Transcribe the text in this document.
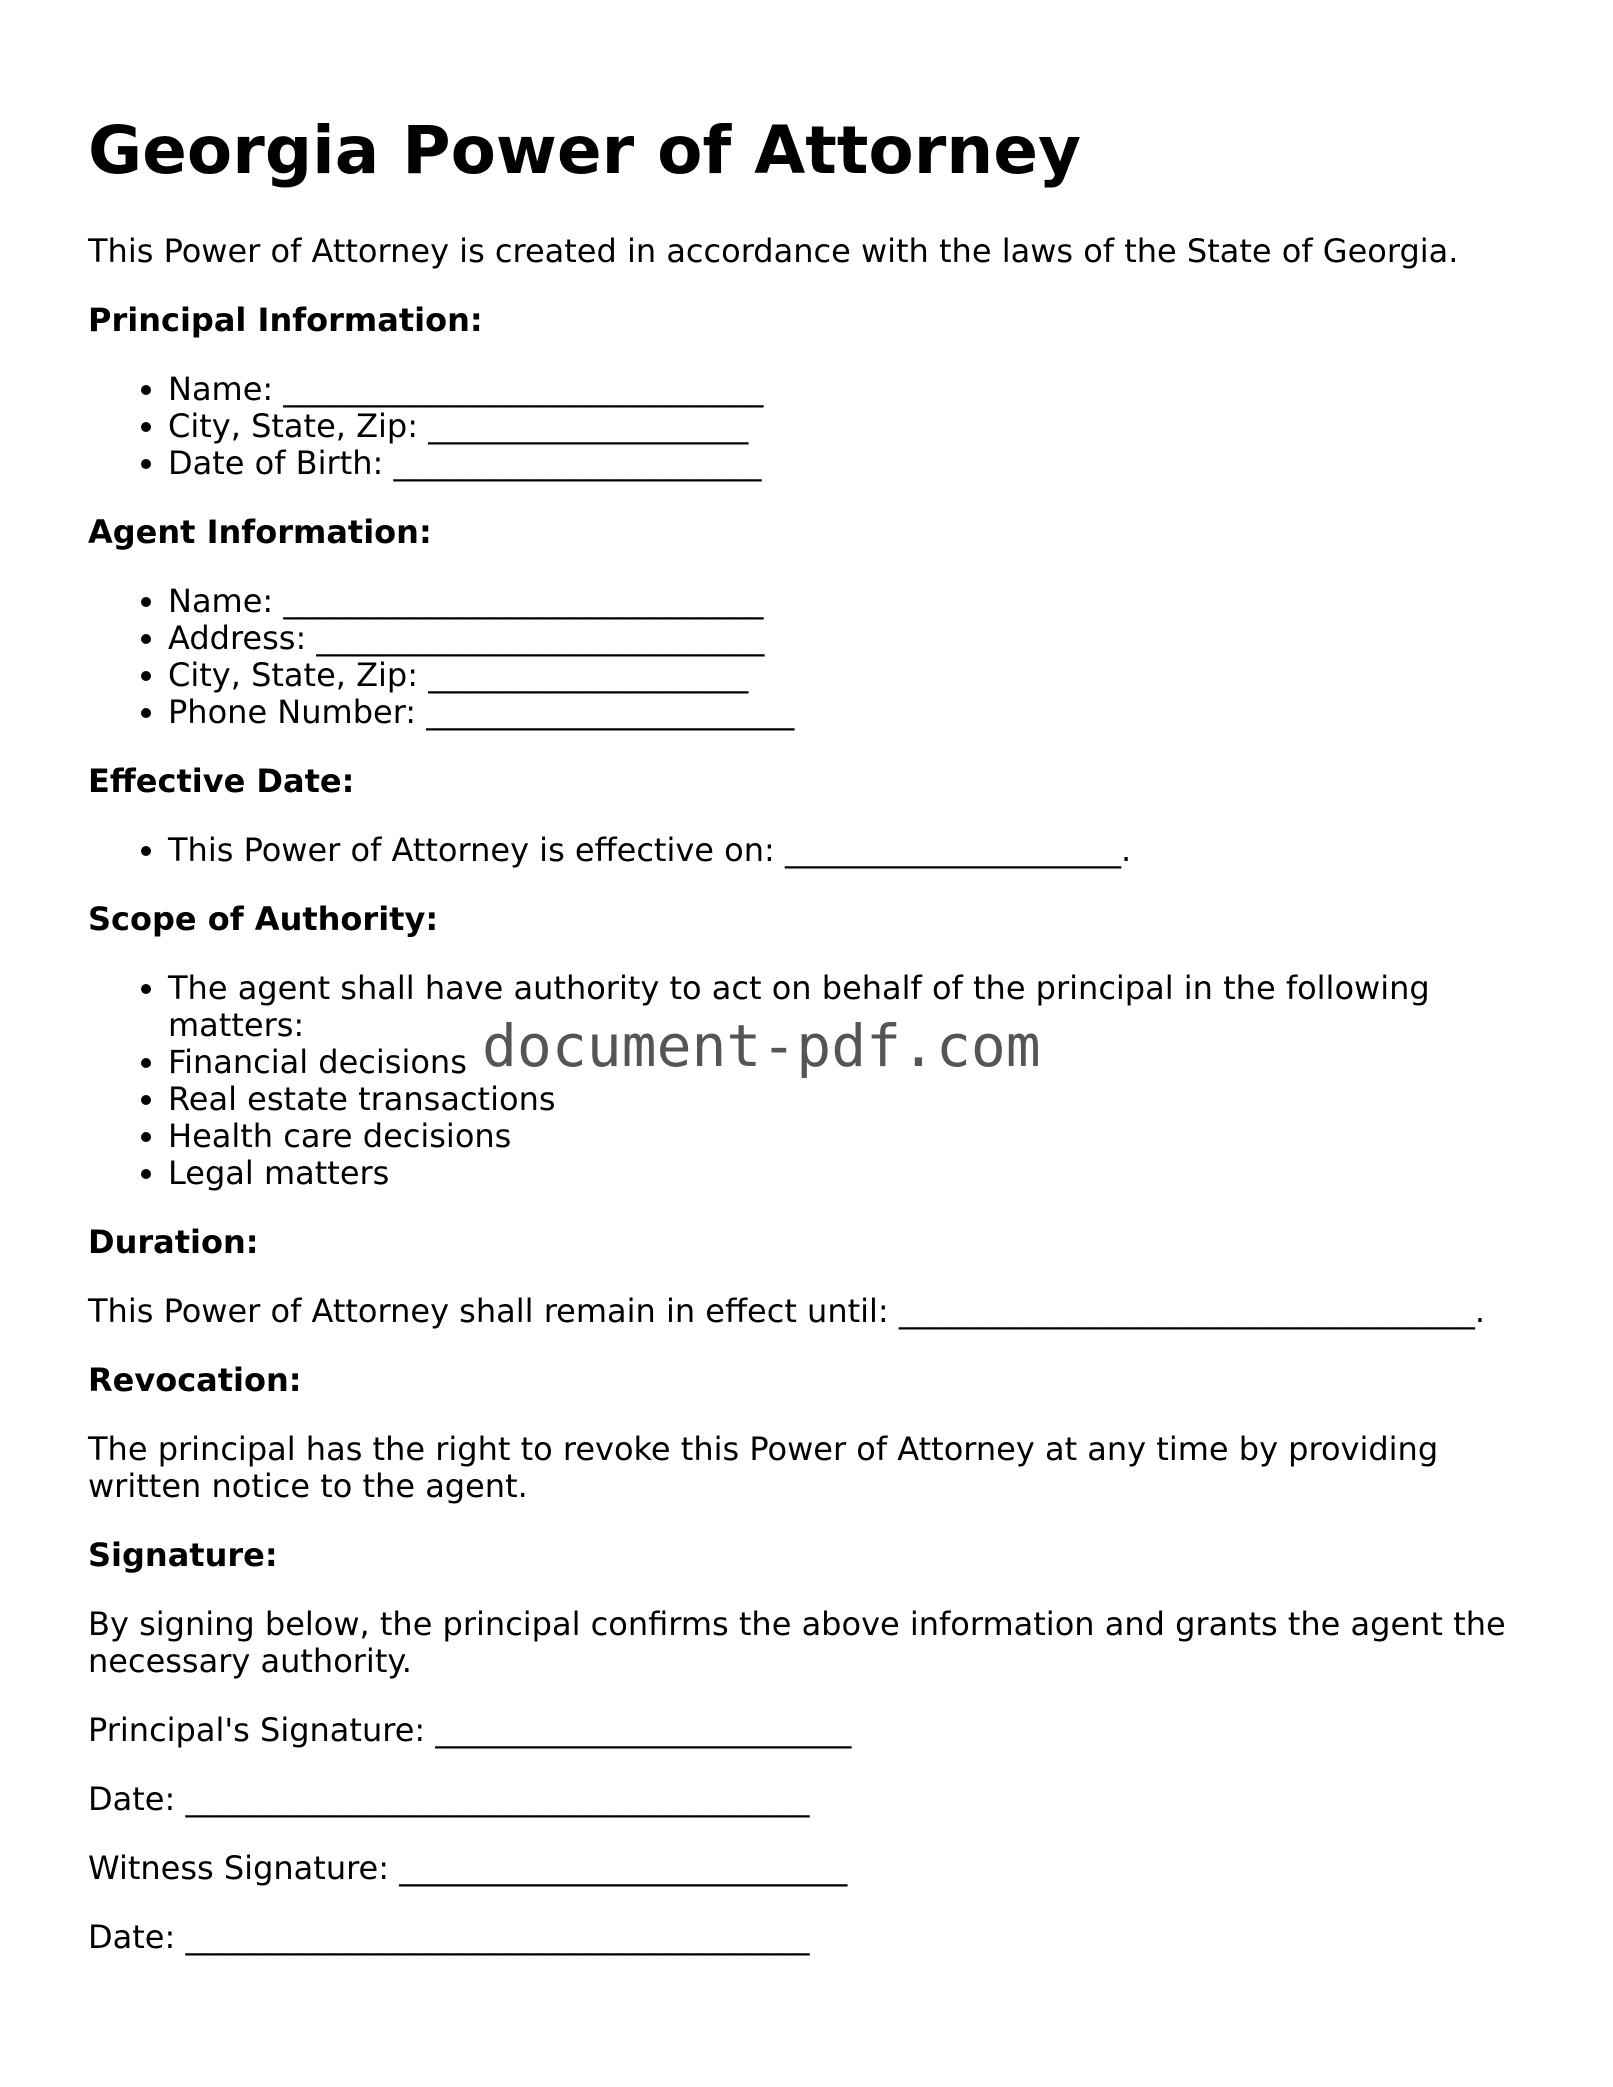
Georgia Power of Attorney

This Power of Attorney is created in accordance with the laws of the State of Georgia.

Principal Information:
• Name: ______________________________
• City, State, Zip: ____________________
• Date of Birth: _______________________
Agent Information:
• Name: ______________________________
• Address: ____________________________
• City, State, Zip: ____________________
• Phone Number: _______________________
Effective Date:
• This Power of Attorney is effective on: _____________________.
Scope of Authority:
• The agent shall have authority to act on behalf of the principal in the following matters:
• Financial decisions
• Real estate transactions
• Health care decisions
• Legal matters
Duration:

This Power of Attorney shall remain in effect until: ____________________________________.

Revocation:

The principal has the right to revoke this Power of Attorney at any time by providing written notice to the agent.

Signature:

By signing below, the principal confirms the above information and grants the agent the necessary authority.

Principal's Signature: __________________________

Date: _______________________________________

Witness Signature: ____________________________

Date: _______________________________________

document-pdf.com
